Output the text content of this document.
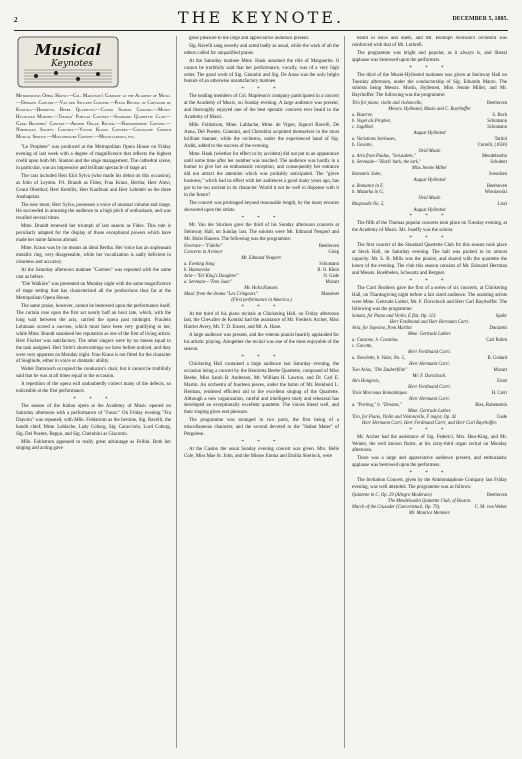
2	THE KEYNOTE.	DECEMBER 5, 1885.
Musical
Keynotes

Metropolitan Opera House.—Col. Mapleson's Company at the Academy of Music.—Operatic Concert.—Van der Stucken Concert.—Piano Recital of Chevalier de Kontski.—Henrietta Beebe Quartette.—Casino Sunday Concert.—Musin-Hyllested Matinee.—Thomas' Popular Concert.—Standard Quartette Club.—Carri Brothers' Concert.—Archer Organ Recital.—Harmoniphone Concert.—Norwegian Society Concert.—Victor Kuzdo Concert.—Collegiate Church Musical Service.—Mollenhauer Concert.—Miscellaneous, etc.

"Le Prophete" was produced at the Metropolitan Opera House on Friday evening of last week with a degree of magnificence that reflects the highest credit upon both Mr. Stanton and the stage management. The cathedral scene, in particular, was an impressive and brilliant spectacle of stage art.

The cast included Herr Eloi Sylva (who made his debut on this occasion), as John of Leyden. Frl. Brandt as Fides; Frau Kraus, Bertha; Herr Alexi, Count Oberthal; Herr Kemlitz, Herr Kaufman and Herr Lehmler as the three Anabaptists.

The new tenor, Herr Sylva, possesses a voice of unusual volume and range. He succeeded in arousing the audience to a high pitch of enthusiasm, and was recalled several times.

Mme. Brandt renewed her triumph of last season as Fides. This role is peculiarly adapted for the display of those exceptional powers which have made her name famous abroad.

Mme. Kraus was by no means an ideal Bertha. Her voice has an unpleasant metallic ring, very disagreeable, while her vocalization is sadly deficient in clearness and accuracy.

At the Saturday afternoon matinee "Carmen" was repeated with the same cast as before.

"Die Walküre" was presented on Monday night with the same magnificence of stage setting that has characterized all the productions thus far at the Metropolitan Opera House.

The same praise, however, cannot be bestowed upon the performance itself. The curtain rose upon the first act nearly half an hour late, which, with the long wait between the acts, carried the opera past midnight. Fraulein Lehmann scored a success, which must have been very gratifying to her, while Mme. Brandt sustained her reputation as one of the first of living artists. Herr Fischer was satisfactory. The other singers were by no means equal to the task assigned. Herr Stritt's shortcomings we have before noticed, and they were very apparent on Monday night. Frau Kraus is not fitted for the character of Sieglinde, either in voice or dramatic ability.

Walter Damrosch occupied the conductor's chair, but it cannot be truthfully said that he was at all times equal to the occasion.

A repetition of the opera will undoubtedly correct many of the defects, so noticeable at the first performance.

* * *

The season of the Italian opera at the Academy of Music opened on Saturday afternoon with a performance of "Faust." On Friday evening "Fra Diavolo" was repeated, with Mlle. Fohlstrom as the heroine, Sig. Ravelli, the bandit chief, Mme. Lablache, Lady Coburg, Sig. Caracciolo, Lord Coburg, Sig. Del Puente, Beppo, and Sig. Cherubini as Giacomo.

Mlle. Fohlstrom appeared to really great advantage as Fellini. Both her singing and acting gave

great pleasure to the large and appreciative audience present.

Sig. Ravelli sang sweetly and acted badly as usual, while the work of all the others called for unqualified praise.

At the Saturday matinee Mme. Hauk assumed the rôle of Marguerite. It cannot be truthfully said that her performance, vocally, was of a very high order. The good work of Sig. Giannini and Sig. De Anna was the only bright feature of an otherwise unsatisfactory matinee.

* * *

The leading members of Col. Mapleson's company participated in a concert at the Academy of Music, on Sunday evening. A large audience was present, and thoroughly enjoyed one of the best operatic concerts ever heard in the Academy of Music.

Mlle. Fohlstrom, Mme. Lablache, Mme. de Vigne, Signori Ravelli, De Anna, Del Puente, Giannini, and Cherubini acquitted themselves in the most brilliant manner, while the orchestra, under the experienced hand of Sig. Arditi, added to the success of the evening.

Mme. Hauk (whether for effect or by accident) did not put in an appearance until some time after her number was reached. The audience was hardly in a humor to give her an enthusiastic reception, and consequently her entrance did not attract the attention which was probably anticipated. The "glove business," which had its effect with her audiences a good many years ago, has got to be too ancient in its character. Would it not be well to dispense with it in the future?

The concert was prolonged beyond reasonable length, by the many encores showered upon the artists.

* * *

Mr. Van der Stucken gave the third of his Sunday afternoon concerts at Steinway Hall, on Sunday last. The soloists were Mr. Edmund Neupert and Mr. Holst Hansen. The following was the programme:

Overture—"Fidelio"	Beethoven
Concerto in A minor	Grieg
Mr. Edmund Neupert.
a. Evening Song	Schumann
b. Humoreske	B. O. Klein
Aria—"Erl King's Daughter"	N. Gade
a. Serenata—"Don Juan"	Mozart
Mr. Holst Hansen.
Music from the drama "Les Cringeurs"	Massenet
(First performance in America.)

* * *

At the third of his piano recitals at Chickering Hall, on Friday afternoon last, the Chevalier de Kontski had the assistance of Mr. Frederic Archer, Miss Harriet Avery, Mr. T. D. Ernest, and Mr. A. Hane.

A large audience was present, and the veteran pianist heartily applauded for his artistic playing. Altogether the recital was one of the most enjoyable of the season.

* * *

Chickering Hall contained a large audience last Saturday evening, the occasion being a concert by the Henrietta Beebe Quartette, composed of Miss Beebe, Miss Sarah B. Anderson, Mr. William H. Lawton, and Dr. Carl E. Martin. An orchestra of fourteen pieces, under the baton of Mr. Reinhold L. Herman, rendered efficient aid to the excellent singing of the Quartette. Although a new organization, careful and intelligent study and rehearsal has developed an exceptionally excellent quartette. The voices blend well, and their singing gives real pleasure.

The programme was arranged in two parts, the first being of a miscellaneous character, and the second devoted to the "Stabat Mater" of Pergolese.

* * *

At the Casino the usual Sunday evening concert was given. Mrs. Belle Cole, Miss Mae St. John, and the Misses Emma and Emilia Sherlock, were

heard in solos and duets, and Mr. Rudolph Aronson's orchestra was reinforced with that of Mr. Lothrell.

The programme was bright and popular, as it always is, and liberal applause was bestowed upon the performers.

* * *

The third of the Musin-Hyllested matinees was given at Steinway Hall on Tuesday afternoon, under the conductorship of Sig. Eduardo Marzo. The soloists being Messrs. Musin, Hyllested, Miss Jennie Miller, and Mr. Bayrhoffer. The following was the programme:

Trio for piano, violin and violoncello,	Beethoven
Messrs. Hyllested, Musin and C. Bayrhoffer
a. Bourree,	S. Bach
b. Vogel als Prophet,	Schumann
c. Jagdlied,	Schumann
August Hyllested
a. Variations Serieuses,	Tartini
b. Gavotte,	Correlli, (1650)
Ovid Musin
a. Aria from Paulus, "Jerusalem,"	Mendelssohn
b. Serenade—"Hark! hark, the lark,"	Schubert
Miss Jennie Miller
Romantic Suite,	Svendsen
August Hyllested
a. Romance in F,	Beethoven
b. Mazurka in G,	Wieniawski
Ovid Musin
Rhapsodie No. 2,	Liszt
August Hyllested

* * *

The fifth of the Thomas popular concerts took place on Tuesday evening, at the Academy of Music. Mr. Joseffy was the soloist.

* * *

The first concert of the Standard Quartette Club for this season took place at Steck Hall, on Saturday evening. The hall was packed to its utmost capacity. Mr. S. B. Mills was the pianist, and shared with the quartette the honor of the evening. The club this season consists of Mr. Edouard Herrman and Messrs. Roebbelen, Schwartz and Bergner.

* * *

The Carri Brothers gave the first of a series of six concerts, at Chickering Hall, on Thanksgiving night before a fair sized audience. The assisting artists were Mme. Gertrude Luther, Mr. F. Dorschuch and Herr Carl Bayrhoffer. The following was the programme:

Sonata, for Piano and Violin, E flat, Op. 113	Spohr
Herr Ferdinand and Herr Hermann Carri.
Aria, for Soprano, from Martini	Donizetti
Mme. Gertrude Luther.
a. Canzone, b. Cavatina,	Carl Bohm
c. Gavotte,
Herr Ferdinand Carri.
a. Novelette, b. Valse, No. 5,	B. Godard
Herr Hermann Carri.
Two Arias, "Die Zauberflöte"	Mozart
Mr. F. Dorschuch.
Airs Hongrois,	Ernst
Herr Ferdinand Carri.
Trois Morceaux Romantiques	H. Carri
Herr Hermann Carri.
a. "Parting," b. "Dreams,"	Ries, Rubenstein
Mme. Gertrude Luther.
Trio, for Piano, Violin and Violoncello, F major, Op. 42	Gade
Herr Hermann Carri, Herr Ferdinand Carri, and Herr Carl Bayrhoffer.

* * *

Mr. Archer had the assistance of Sig. Federici, Mrs. Hun-King, and Mr. Weiner, the well known flutist, at his sixty-third organ recital on Monday afternoon.

There was a large and appreciative audience present, and enthusiastic applause was bestowed upon the performers.

* * *

The Invitation Concert, given by the Ammoniaphone Company last Friday evening, was well attended. The programme was as follows:

Quintette in C, Op. 29 (Allegro Moderato).	Beethoven
The Mendelssohn Quintette Club, of Boston.
March of the Crusader (Concertstuck, Op. 79),	C. M. von Weber
Mr. Maurice Mennier.
